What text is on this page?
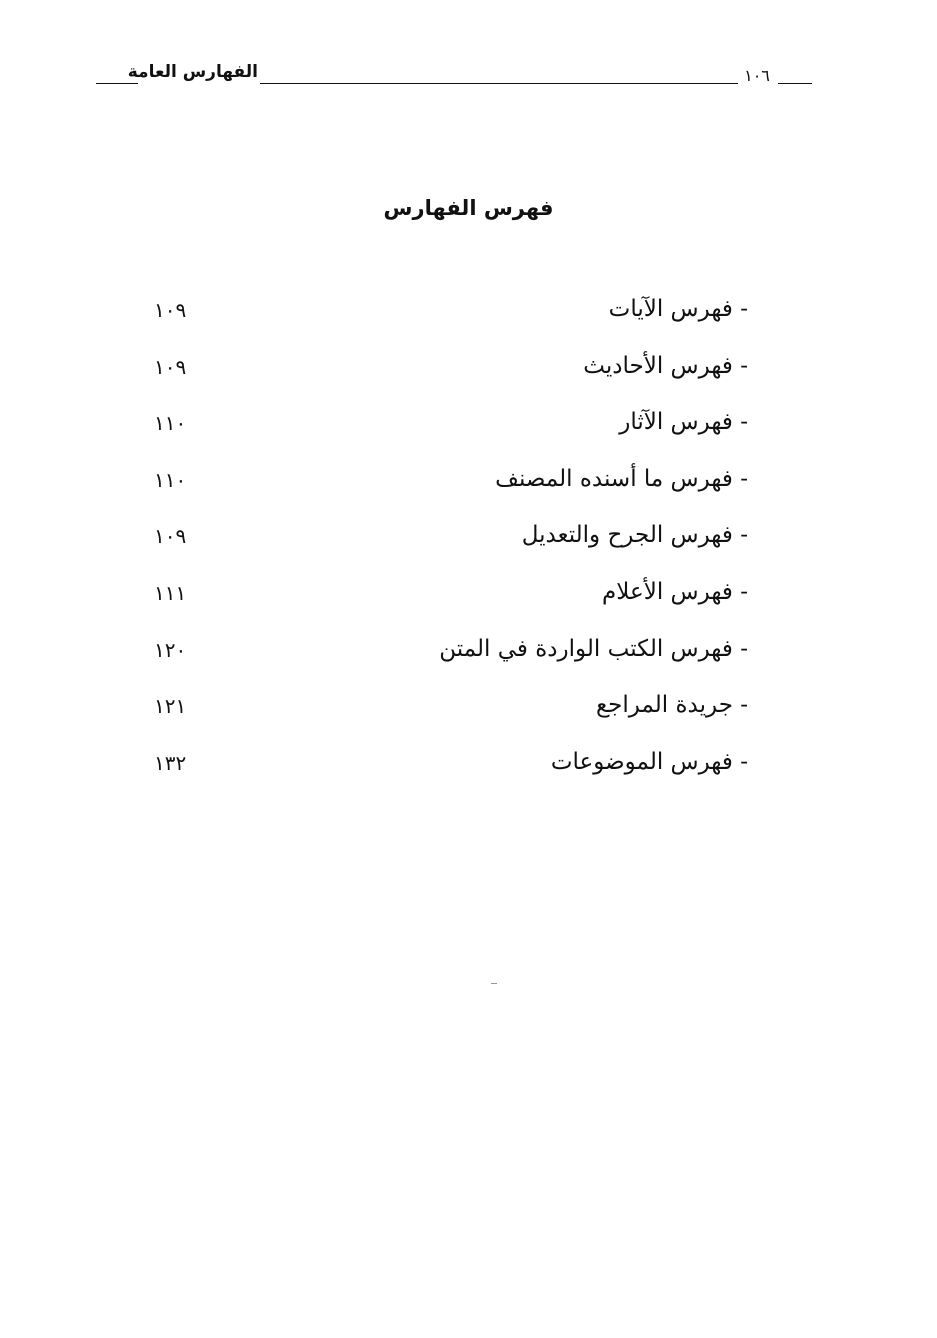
الفهارس العامة	١٠٦
فهرس الفهارس
- فهرس الآيات
١٠٩
- فهرس الأحاديث
١٠٩
- فهرس الآثار
١١٠
- فهرس ما أسنده المصنف
١١٠
- فهرس الجرح والتعديل
١٠٩
- فهرس الأعلام
١١١
- فهرس الكتب الواردة في المتن
١٢٠
- جريدة المراجع
١٢١
- فهرس الموضوعات
١٣٢
